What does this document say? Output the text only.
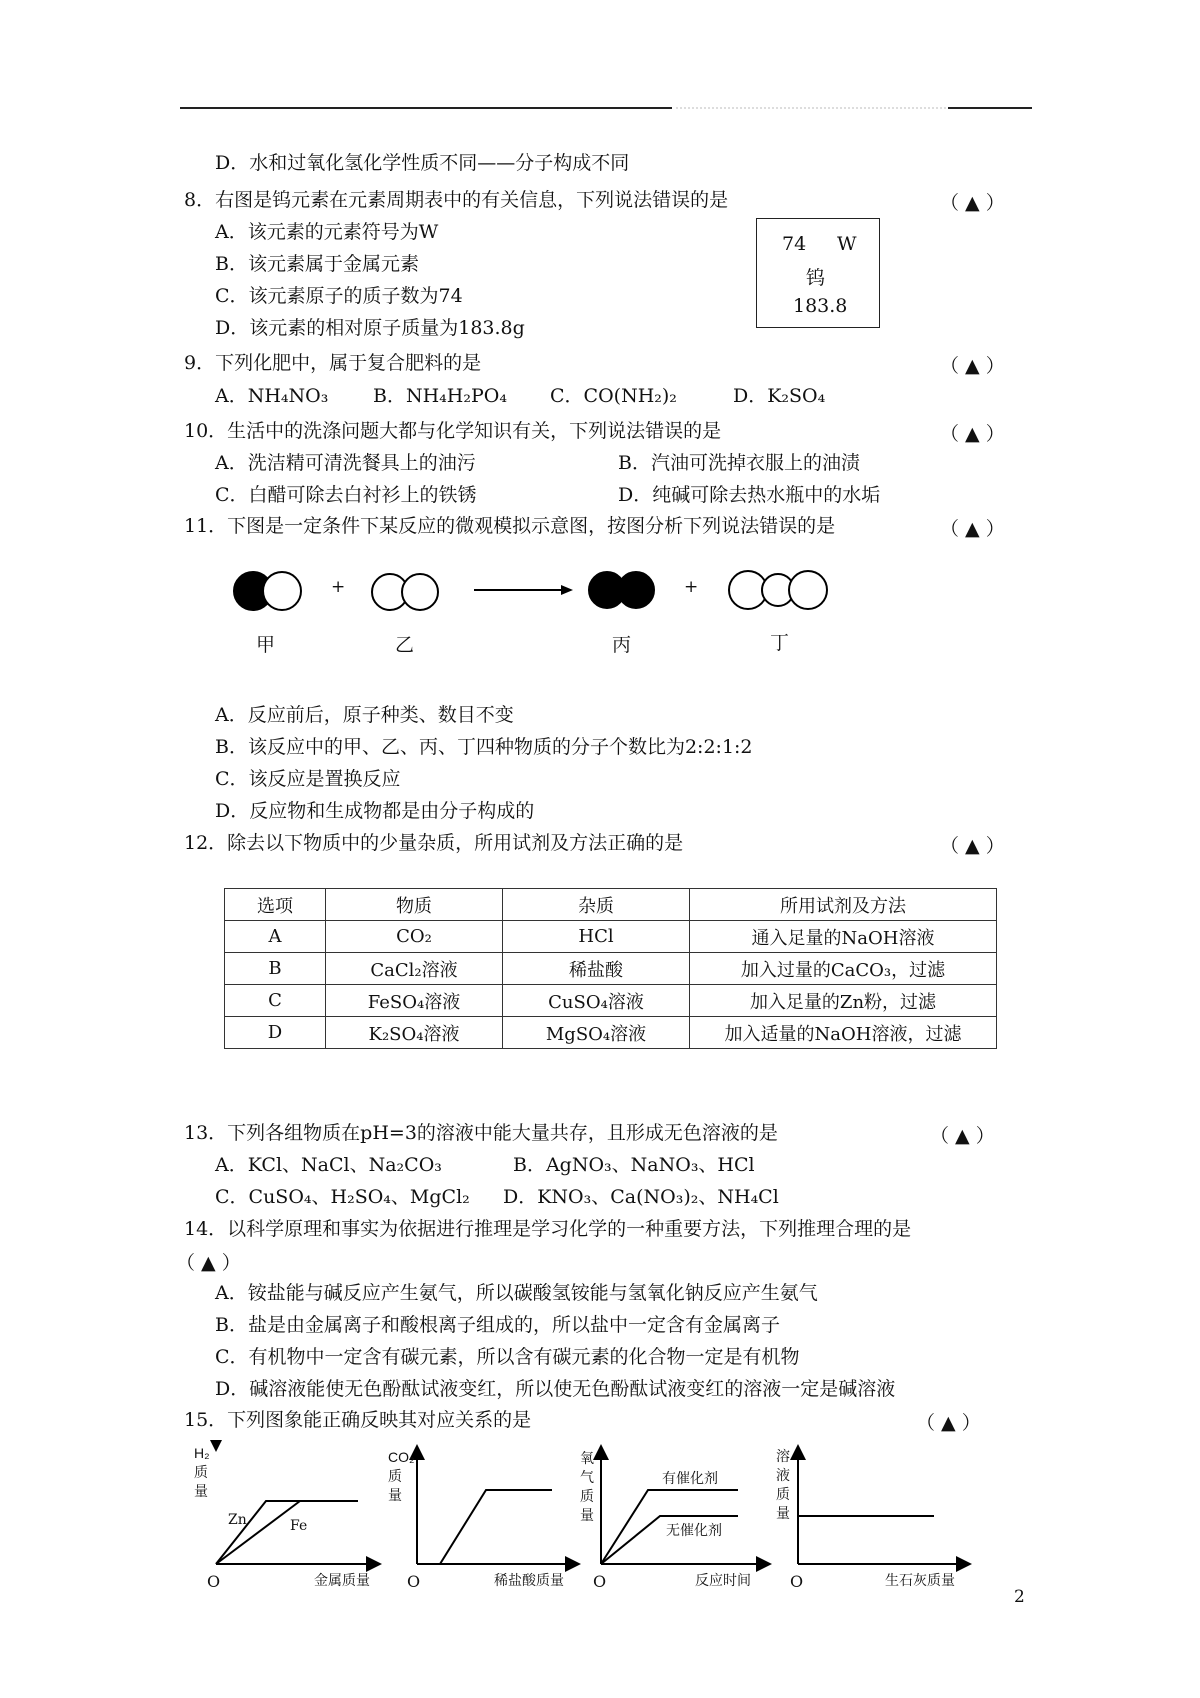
D．水和过氧化氢化学性质不同——分子构成不同
8．右图是钨元素在元素周期表中的有关信息，下列说法错误的是	（ ▲ ）
A．该元素的元素符号为W
B．该元素属于金属元素
C．该元素原子的质子数为74
D．该元素的相对原子质量为183.8g
74 W
钨
183.8
9．下列化肥中，属于复合肥料的是	（ ▲ ）
A．NH₄NO₃ B．NH₄H₂PO₄ C．CO(NH₂)₂	D．K₂SO₄
10．生活中的洗涤问题大都与化学知识有关，下列说法错误的是	（ ▲ ）
A．洗洁精可清洗餐具上的油污	B．汽油可洗掉衣服上的油渍
C．白醋可除去白衬衫上的铁锈	D．纯碱可除去热水瓶中的水垢
11．下图是一定条件下某反应的微观模拟示意图，按图分析下列说法错误的是	（ ▲ ）
+	+
甲	乙	丙	丁
A．反应前后，原子种类、数目不变
B．该反应中的甲、乙、丙、丁四种物质的分子个数比为2:2:1:2
C．该反应是置换反应
D．反应物和生成物都是由分子构成的
12．除去以下物质中的少量杂质，所用试剂及方法正确的是	（ ▲ ）
选项	物质	杂质	所用试剂及方法
A	CO₂	HCl	通入足量的NaOH溶液
B	CaCl₂溶液	稀盐酸	加入过量的CaCO₃，过滤
C	FeSO₄溶液	CuSO₄溶液	加入足量的Zn粉，过滤
D	K₂SO₄溶液	MgSO₄溶液	加入适量的NaOH溶液，过滤
13．下列各组物质在pH=3的溶液中能大量共存，且形成无色溶液的是	（ ▲ ）
A．KCl、NaCl、Na₂CO₃	B．AgNO₃、NaNO₃、HCl
C．CuSO₄、H₂SO₄、MgCl₂ D．KNO₃、Ca(NO₃)₂、NH₄Cl
14．以科学原理和事实为依据进行推理是学习化学的一种重要方法，下列推理合理的是
（ ▲ ）
A．铵盐能与碱反应产生氨气，所以碳酸氢铵能与氢氧化钠反应产生氨气
B．盐是由金属离子和酸根离子组成的，所以盐中一定含有金属离子
C．有机物中一定含有碳元素，所以含有碳元素的化合物一定是有机物
D．碱溶液能使无色酚酞试液变红，所以使无色酚酞试液变红的溶液一定是碱溶液
15．下列图象能正确反映其对应关系的是	（ ▲ ）
H₂
质
量
Zn	Fe
O	金属质量
CO₂
质
量
O	稀盐酸质量
氧
气
质
量
有催化剂
无催化剂
O	反应时间
溶
液
质
量
O	生石灰质量
2
